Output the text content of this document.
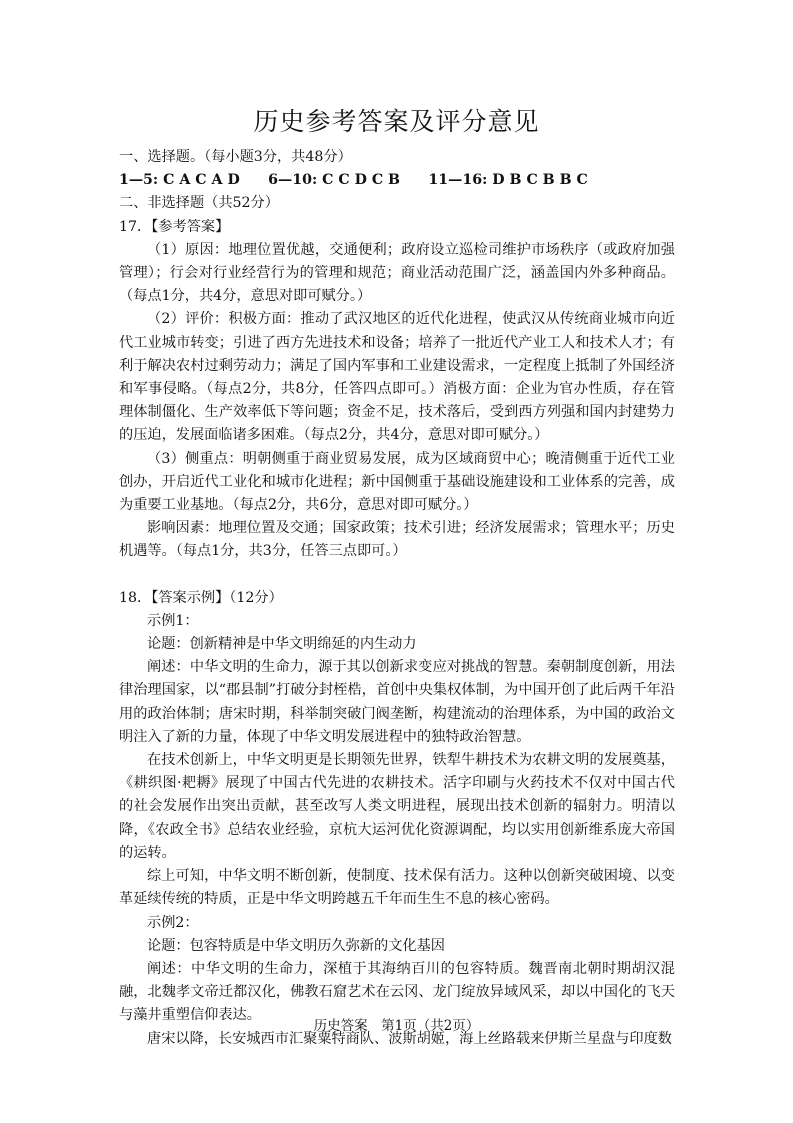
历史参考答案及评分意见

一、选择题。（每小题3分，共48分）

1—5: C A C A D　　6—10: C C D C B　　11—16: D B C B B C

二、非选择题（共52分）

17．【参考答案】

（1）原因：地理位置优越，交通便利；政府设立巡检司维护市场秩序（或政府加强管理）；行会对行业经营行为的管理和规范；商业活动范围广泛，涵盖国内外多种商品。（每点1分，共4分，意思对即可赋分。）

（2）评价：积极方面：推动了武汉地区的近代化进程，使武汉从传统商业城市向近代工业城市转变；引进了西方先进技术和设备；培养了一批近代产业工人和技术人才；有利于解决农村过剩劳动力；满足了国内军事和工业建设需求，一定程度上抵制了外国经济和军事侵略。（每点2分，共8分，任答四点即可。）消极方面：企业为官办性质，存在管理体制僵化、生产效率低下等问题；资金不足，技术落后，受到西方列强和国内封建势力的压迫，发展面临诸多困难。（每点2分，共4分，意思对即可赋分。）

（3）侧重点：明朝侧重于商业贸易发展，成为区域商贸中心；晚清侧重于近代工业创办，开启近代工业化和城市化进程；新中国侧重于基础设施建设和工业体系的完善，成为重要工业基地。（每点2分，共6分，意思对即可赋分。）

影响因素：地理位置及交通；国家政策；技术引进；经济发展需求；管理水平；历史机遇等。（每点1分，共3分，任答三点即可。）

18．【答案示例】（12分）

示例1：

论题：创新精神是中华文明绵延的内生动力

阐述：中华文明的生命力，源于其以创新求变应对挑战的智慧。秦朝制度创新，用法律治理国家，以“郡县制”打破分封桎梏，首创中央集权体制，为中国开创了此后两千年沿用的政治体制；唐宋时期，科举制突破门阀垄断，构建流动的治理体系，为中国的政治文明注入了新的力量，体现了中华文明发展进程中的独特政治智慧。

在技术创新上，中华文明更是长期领先世界，铁犁牛耕技术为农耕文明的发展奠基，《耕织图·耙耨》展现了中国古代先进的农耕技术。活字印刷与火药技术不仅对中国古代的社会发展作出突出贡献，甚至改写人类文明进程，展现出技术创新的辐射力。明清以降，《农政全书》总结农业经验，京杭大运河优化资源调配，均以实用创新维系庞大帝国的运转。

综上可知，中华文明不断创新，使制度、技术保有活力。这种以创新突破困境、以变革延续传统的特质，正是中华文明跨越五千年而生生不息的核心密码。

示例2：

论题：包容特质是中华文明历久弥新的文化基因

阐述：中华文明的生命力，深植于其海纳百川的包容特质。魏晋南北朝时期胡汉混融，北魏孝文帝迁都汉化，佛教石窟艺术在云冈、龙门绽放异域风采，却以中国化的飞天与藻井重塑信仰表达。

唐宋以降，长安城西市汇聚粟特商队、波斯胡姬，海上丝路载来伊斯兰星盘与印度数

历史答案　第1页（共2页）
